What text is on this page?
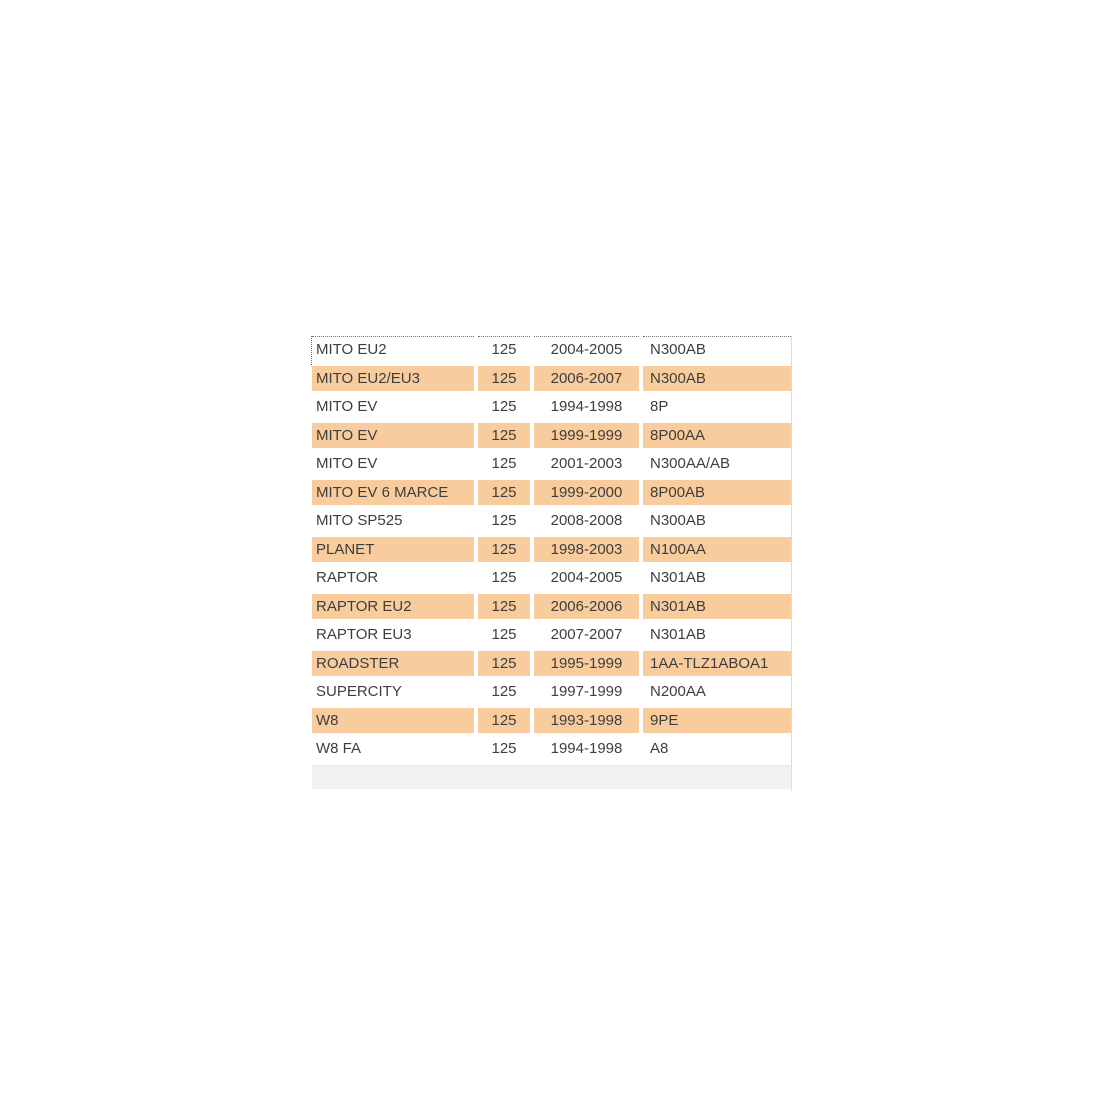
MITO EU2	125	2004-2005	N300AB
MITO EU2/EU3	125	2006-2007	N300AB
MITO EV	125	1994-1998	8P
MITO EV	125	1999-1999	8P00AA
MITO EV	125	2001-2003	N300AA/AB
MITO EV 6 MARCE	125	1999-2000	8P00AB
MITO SP525	125	2008-2008	N300AB
PLANET	125	1998-2003	N100AA
RAPTOR	125	2004-2005	N301AB
RAPTOR EU2	125	2006-2006	N301AB
RAPTOR EU3	125	2007-2007	N301AB
ROADSTER	125	1995-1999	1AA-TLZ1ABOA1
SUPERCITY	125	1997-1999	N200AA
W8	125	1993-1998	9PE
W8 FA	125	1994-1998	A8
